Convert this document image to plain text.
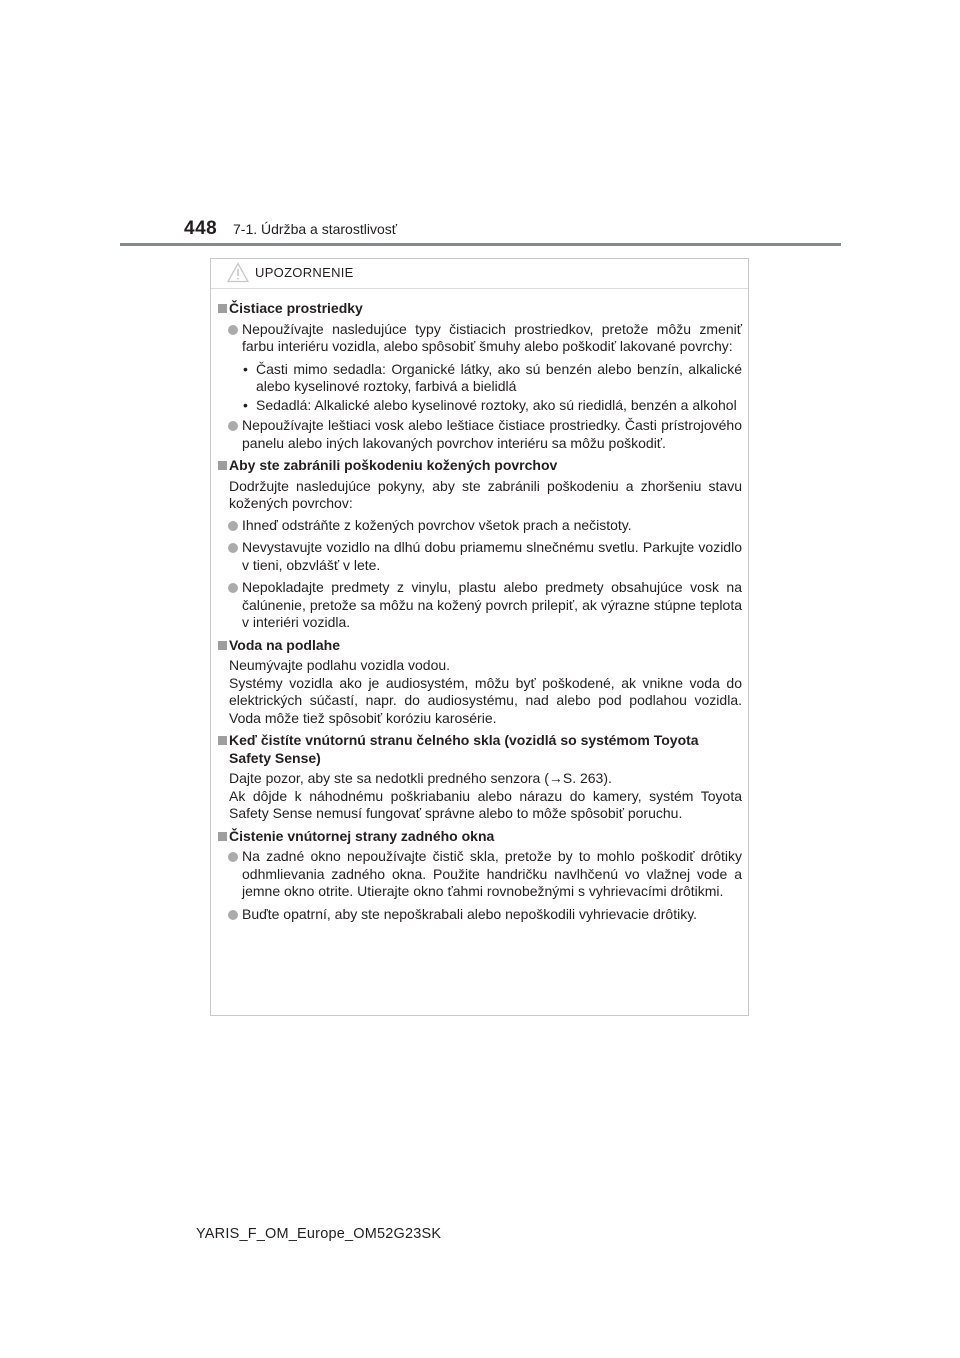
448 7-1. Údržba a starostlivosť
UPOZORNENIE
Čistiace prostriedky
Nepoužívajte nasledujúce typy čistiacich prostriedkov, pretože môžu zmeniť farbu interiéru vozidla, alebo spôsobiť šmuhy alebo poškodiť lakované povrchy:
• Časti mimo sedadla: Organické látky, ako sú benzén alebo benzín, alkalické alebo kyselinové roztoky, farbivá a bielidlá
• Sedadlá: Alkalické alebo kyselinové roztoky, ako sú riedidlá, benzén a alkohol
Nepoužívajte leštiaci vosk alebo leštiace čistiace prostriedky. Časti prístrojového panelu alebo iných lakovaných povrchov interiéru sa môžu poškodiť.
Aby ste zabránili poškodeniu kožených povrchov
Dodržujte nasledujúce pokyny, aby ste zabránili poškodeniu a zhoršeniu stavu kožených povrchov:
Ihneď odstráňte z kožených povrchov všetok prach a nečistoty.
Nevystavujte vozidlo na dlhú dobu priamemu slnečnému svetlu. Parkujte vozidlo v tieni, obzvlášť v lete.
Nepokladajte predmety z vinylu, plastu alebo predmety obsahujúce vosk na čalúnenie, pretože sa môžu na kožený povrch prilepiť, ak výrazne stúpne teplota v interiéri vozidla.
Voda na podlahe
Neumývajte podlahu vozidla vodou.
Systémy vozidla ako je audiosystém, môžu byť poškodené, ak vnikne voda do elektrických súčastí, napr. do audiosystému, nad alebo pod podlahou vozidla. Voda môže tiež spôsobiť koróziu karosérie.
Keď čistíte vnútornú stranu čelného skla (vozidlá so systémom Toyota Safety Sense)
Dajte pozor, aby ste sa nedotkli predného senzora (→S. 263).
Ak dôjde k náhodnému poškriabaniu alebo nárazu do kamery, systém Toyota Safety Sense nemusí fungovať správne alebo to môže spôsobiť poruchu.
Čistenie vnútornej strany zadného okna
Na zadné okno nepoužívajte čistič skla, pretože by to mohlo poškodiť drôtiky odhmlievania zadného okna. Použite handričku navlhčenú vo vlažnej vode a jemne okno otrite. Utierajte okno ťahmi rovnobežnými s vyhrievacími drôtikmi.
Buďte opatrní, aby ste nepoškrabali alebo nepoškodili vyhrievacie drôtiky.
YARIS_F_OM_Europe_OM52G23SK
